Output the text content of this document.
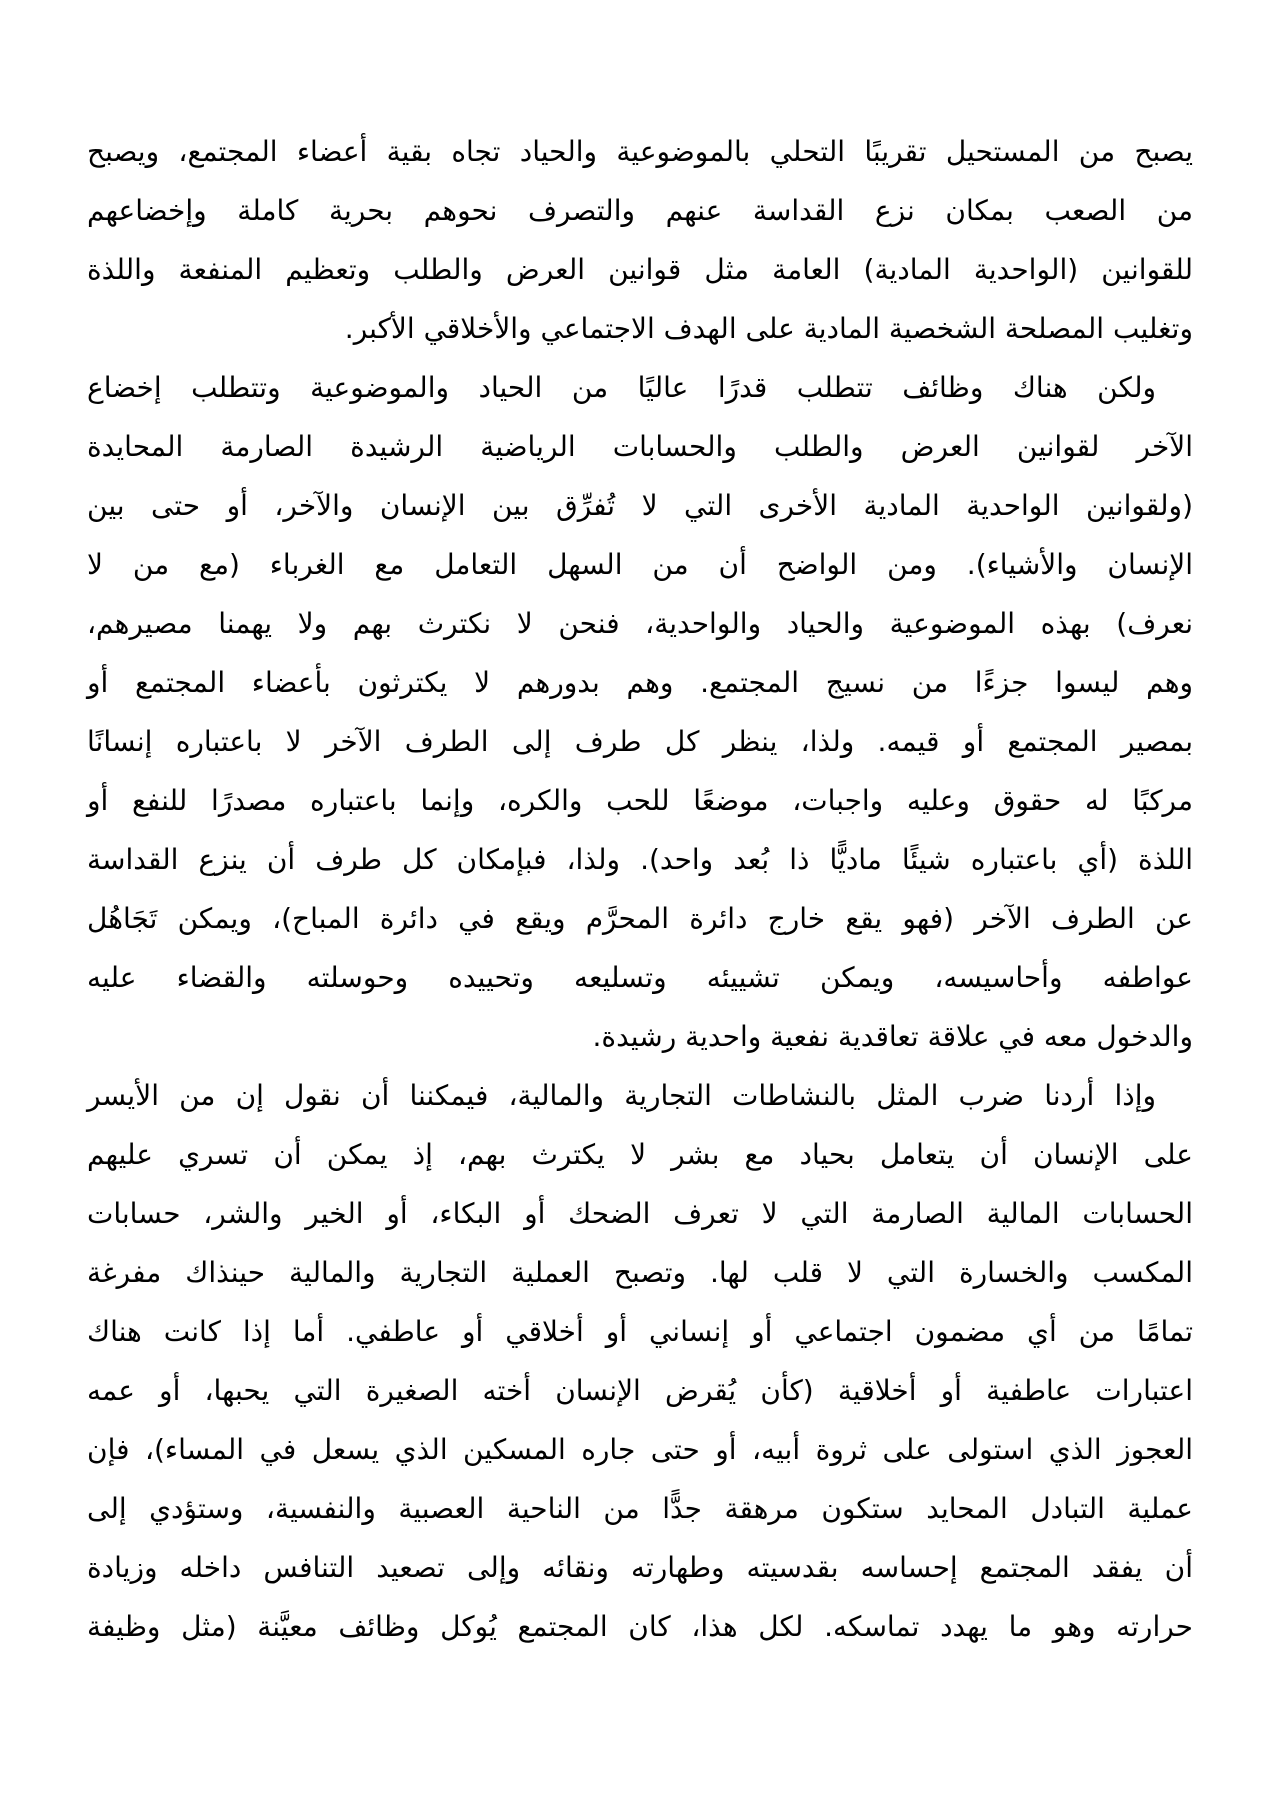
يصبح من المستحيل تقريبًا التحلي بالموضوعية والحياد تجاه بقية أعضاء المجتمع، ويصبح
من الصعب بمكان نزع القداسة عنهم والتصرف نحوهم بحرية كاملة وإخضاعهم
للقوانين (الواحدية المادية) العامة مثل قوانين العرض والطلب وتعظيم المنفعة واللذة
وتغليب المصلحة الشخصية المادية على الهدف الاجتماعي والأخلاقي الأكبر.
ولكن هناك وظائف تتطلب قدرًا عاليًا من الحياد والموضوعية وتتطلب إخضاع
الآخر لقوانين العرض والطلب والحسابات الرياضية الرشيدة الصارمة المحايدة
(ولقوانين الواحدية المادية الأخرى التي لا تُفرِّق بين الإنسان والآخر، أو حتى بين
الإنسان والأشياء). ومن الواضح أن من السهل التعامل مع الغرباء (مع من لا
نعرف) بهذه الموضوعية والحياد والواحدية، فنحن لا نكترث بهم ولا يهمنا مصيرهم،
وهم ليسوا جزءًا من نسيج المجتمع. وهم بدورهم لا يكترثون بأعضاء المجتمع أو
بمصير المجتمع أو قيمه. ولذا، ينظر كل طرف إلى الطرف الآخر لا باعتباره إنسانًا
مركبًا له حقوق وعليه واجبات، موضعًا للحب والكره، وإنما باعتباره مصدرًا للنفع أو
اللذة (أي باعتباره شيئًا ماديًّا ذا بُعد واحد). ولذا، فبإمكان كل طرف أن ينزع القداسة
عن الطرف الآخر (فهو يقع خارج دائرة المحرَّم ويقع في دائرة المباح)، ويمكن تَجَاهُل
عواطفه وأحاسيسه، ويمكن تشييئه وتسليعه وتحييده وحوسلته والقضاء عليه
والدخول معه في علاقة تعاقدية نفعية واحدية رشيدة.
وإذا أردنا ضرب المثل بالنشاطات التجارية والمالية، فيمكننا أن نقول إن من الأيسر
على الإنسان أن يتعامل بحياد مع بشر لا يكترث بهم، إذ يمكن أن تسري عليهم
الحسابات المالية الصارمة التي لا تعرف الضحك أو البكاء، أو الخير والشر، حسابات
المكسب والخسارة التي لا قلب لها. وتصبح العملية التجارية والمالية حينذاك مفرغة
تمامًا من أي مضمون اجتماعي أو إنساني أو أخلاقي أو عاطفي. أما إذا كانت هناك
اعتبارات عاطفية أو أخلاقية (كأن يُقرض الإنسان أخته الصغيرة التي يحبها، أو عمه
العجوز الذي استولى على ثروة أبيه، أو حتى جاره المسكين الذي يسعل في المساء)، فإن
عملية التبادل المحايد ستكون مرهقة جدًّا من الناحية العصبية والنفسية، وستؤدي إلى
أن يفقد المجتمع إحساسه بقدسيته وطهارته ونقائه وإلى تصعيد التنافس داخله وزيادة
حرارته وهو ما يهدد تماسكه. لكل هذا، كان المجتمع يُوكل وظائف معيَّنة (مثل وظيفة
